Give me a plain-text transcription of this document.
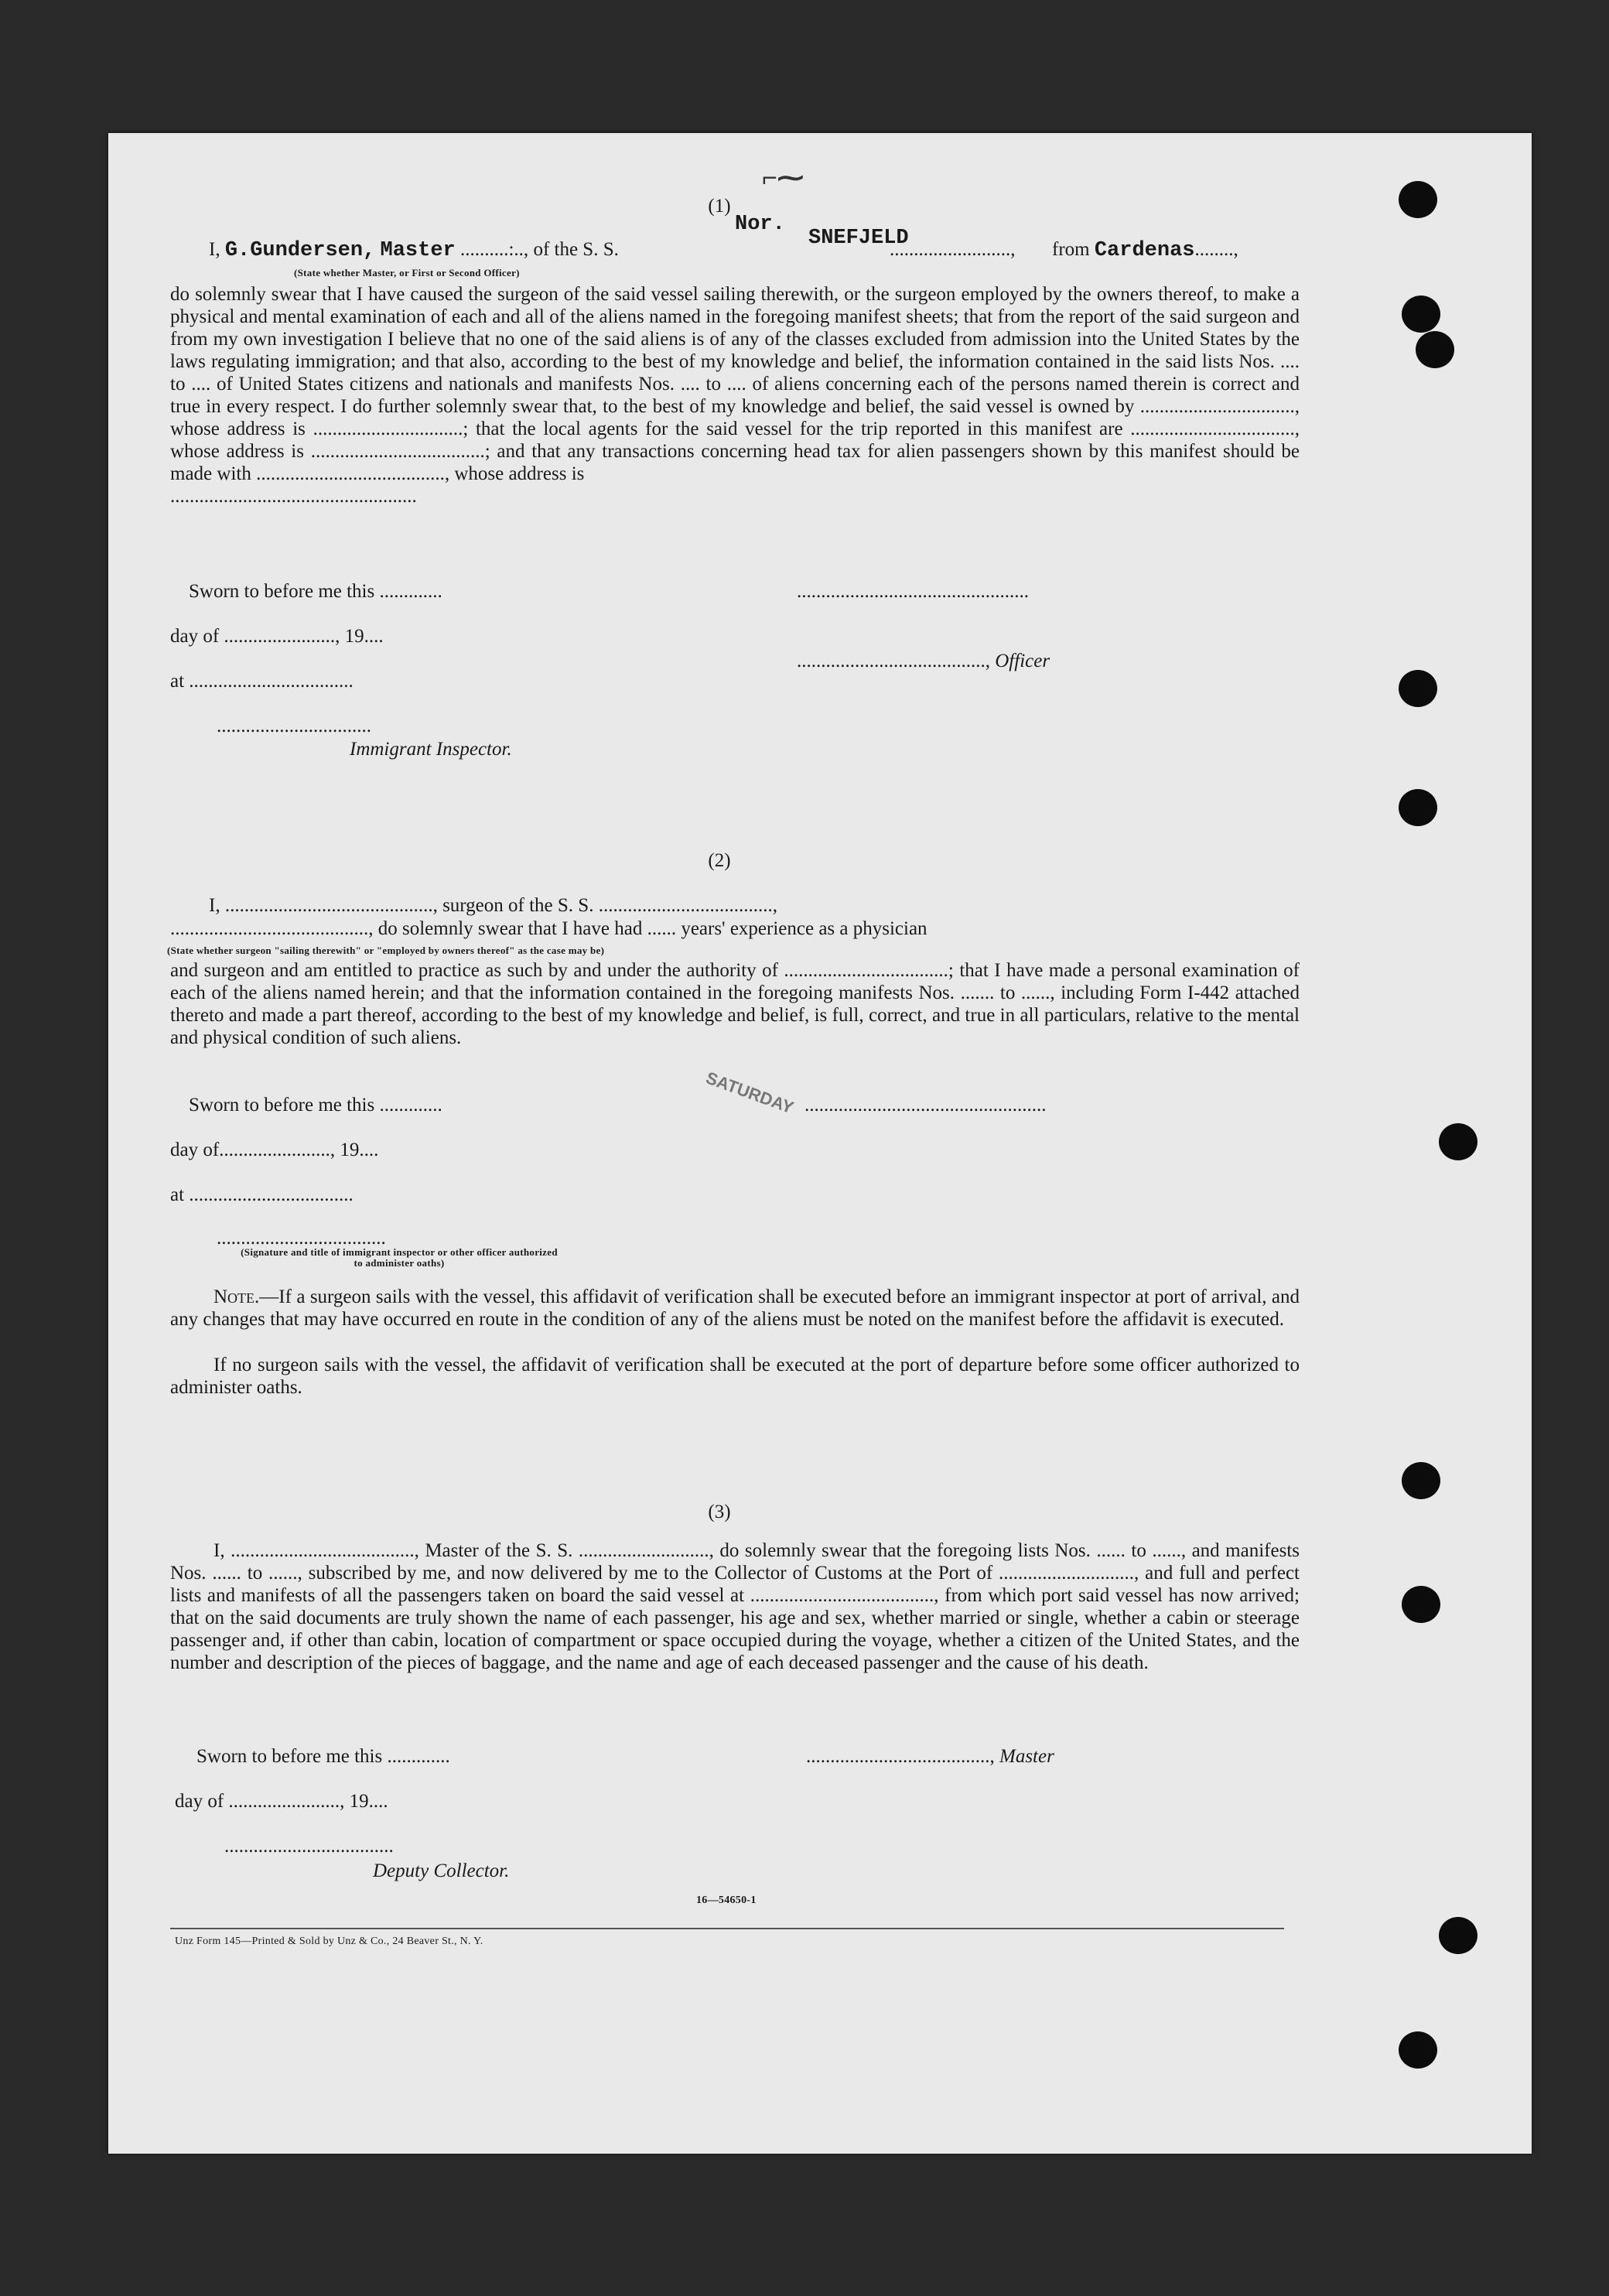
⌐⁓
(1)
Nor.
I, G.Gundersen, Master ..........:.., of the S. S.	SNEFJELD
........................., from Cardenas........,
(State whether Master, or First or Second Officer)
do solemnly swear that I have caused the surgeon of the said vessel sailing therewith, or the surgeon employed by the owners thereof, to make a physical and mental examination of each and all of the aliens named in the foregoing manifest sheets; that from the report of the said surgeon and from my own investigation I believe that no one of the said aliens is of any of the classes excluded from admission into the United States by the laws regulating immigration; and that also, according to the best of my knowledge and belief, the information contained in the said lists Nos. .... to .... of United States citizens and nationals and manifests Nos. .... to .... of aliens concerning each of the persons named therein is correct and true in every respect. I do further solemnly swear that, to the best of my knowledge and belief, the said vessel is owned by ................................, whose address is ...............................; that the local agents for the said vessel for the trip reported in this manifest are .................................., whose address is ....................................; and that any transactions concerning head tax for alien passengers shown by this manifest should be made with ......................................., whose address is
...................................................
Sworn to before me this .............	................................................
day of ......................., 19....
......................................., Officer
at ..................................
................................
Immigrant Inspector.
(2)
I, ..........................................., surgeon of the S. S. ....................................,
........................................., do solemnly swear that I have had ...... years' experience as a physician
(State whether surgeon "sailing therewith" or "employed by owners thereof" as the case may be)
and surgeon and am entitled to practice as such by and under the authority of ..................................; that I have made a personal examination of each of the aliens named herein; and that the information contained in the foregoing manifests Nos. ....... to ......, including Form I-442 attached thereto and made a part thereof, according to the best of my knowledge and belief, is full, correct, and true in all particulars, relative to the mental and physical condition of such aliens.
Sworn to before me this .............	..................................................
SATURDAY
day of......................., 19....
at ..................................
...................................
(Signature and title of immigrant inspector or other officer authorized to administer oaths)
Note.—If a surgeon sails with the vessel, this affidavit of verification shall be executed before an immigrant inspector at port of arrival, and any changes that may have occurred en route in the condition of any of the aliens must be noted on the manifest before the affidavit is executed.
If no surgeon sails with the vessel, the affidavit of verification shall be executed at the port of departure before some officer authorized to administer oaths.
(3)
I, ......................................, Master of the S. S. ..........................., do solemnly swear that the foregoing lists Nos. ...... to ......, and manifests Nos. ...... to ......, subscribed by me, and now delivered by me to the Collector of Customs at the Port of ............................, and full and perfect lists and manifests of all the passengers taken on board the said vessel at ......................................, from which port said vessel has now arrived; that on the said documents are truly shown the name of each passenger, his age and sex, whether married or single, whether a cabin or steerage passenger and, if other than cabin, location of compartment or space occupied during the voyage, whether a citizen of the United States, and the number and description of the pieces of baggage, and the name and age of each deceased passenger and the cause of his death.
Sworn to before me this .............	......................................, Master
day of ......................., 19....
...................................
Deputy Collector.
16—54650-1
Unz Form 145—Printed & Sold by Unz & Co., 24 Beaver St., N. Y.
